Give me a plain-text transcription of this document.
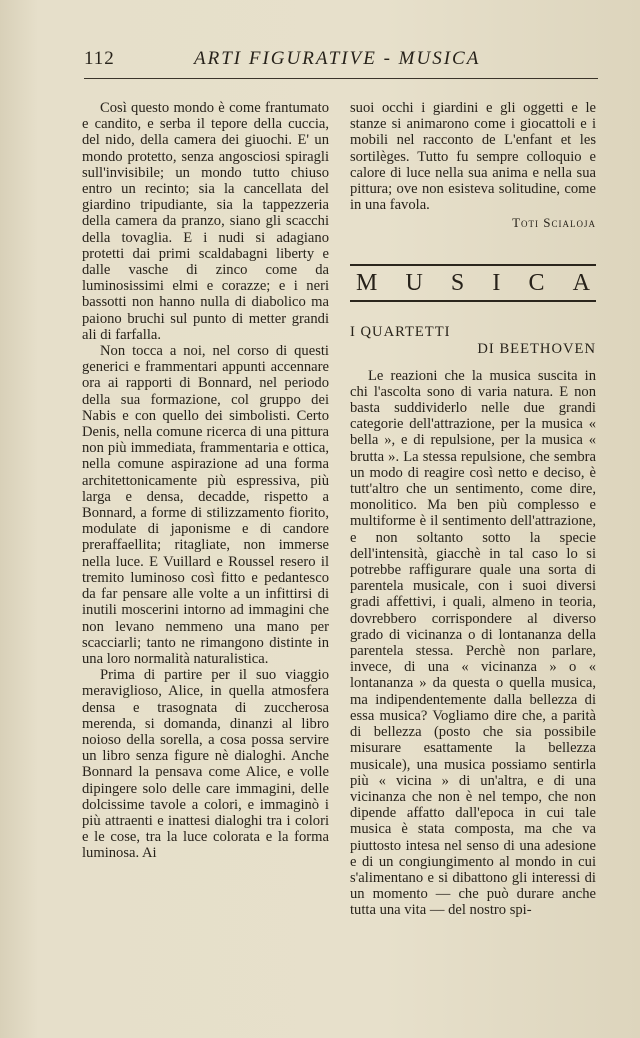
112	ARTI FIGURATIVE - MUSICA

Così questo mondo è come frantumato e candito, e serba il tepore della cuccia, del nido, della camera dei giuochi. E' un mondo protetto, senza angosciosi spiragli sull'invisibile; un mondo tutto chiuso entro un recinto; sia la cancellata del giardino tripudiante, sia la tappezzeria della camera da pranzo, siano gli scacchi della tovaglia. E i nudi si adagiano protetti dai primi scaldabagni liberty e dalle vasche di zinco come da luminosissimi elmi e corazze; e i neri bassotti non hanno nulla di diabolico ma paiono bruchi sul punto di metter grandi ali di farfalla.

Non tocca a noi, nel corso di questi generici e frammentari appunti accennare ora ai rapporti di Bonnard, nel periodo della sua formazione, col gruppo dei Nabis e con quello dei simbolisti. Certo Denis, nella comune ricerca di una pittura non più immediata, frammentaria e ottica, nella comune aspirazione ad una forma architettonicamente più espressiva, più larga e densa, decadde, rispetto a Bonnard, a forme di stilizzamento fiorito, modulate di japonisme e di candore preraffaellita; ritagliate, non immerse nella luce. E Vuillard e Roussel resero il tremito luminoso così fitto e pedantesco da far pensare alle volte a un infittirsi di inutili moscerini intorno ad immagini che non levano nemmeno una mano per scacciarli; tanto ne rimangono distinte in una loro normalità naturalistica.

Prima di partire per il suo viaggio meraviglioso, Alice, in quella atmosfera densa e trasognata di zuccherosa merenda, si domanda, dinanzi al libro noioso della sorella, a cosa possa servire un libro senza figure nè dialoghi. Anche Bonnard la pensava come Alice, e volle dipingere solo delle care immagini, delle dolcissime tavole a colori, e immaginò i più attraenti e inattesi dialoghi tra i colori e le cose, tra la luce colorata e la forma luminosa. Ai

suoi occhi i giardini e gli oggetti e le stanze si animarono come i giocattoli e i mobili nel racconto de L'enfant et les sortilèges. Tutto fu sempre colloquio e calore di luce nella sua anima e nella sua pittura; ove non esisteva solitudine, come in una favola.

Toti Scialoja
M U S I C A
I QUARTETTI
DI BEETHOVEN

Le reazioni che la musica suscita in chi l'ascolta sono di varia natura. E non basta suddividerlo nelle due grandi categorie dell'attrazione, per la musica « bella », e di repulsione, per la musica « brutta ». La stessa repulsione, che sembra un modo di reagire così netto e deciso, è tutt'altro che un sentimento, come dire, monolitico. Ma ben più complesso e multiforme è il sentimento dell'attrazione, e non soltanto sotto la specie dell'intensità, giacchè in tal caso lo si potrebbe raffigurare quale una sorta di parentela musicale, con i suoi diversi gradi affettivi, i quali, almeno in teoria, dovrebbero corrispondere al diverso grado di vicinanza o di lontananza della parentela stessa. Perchè non parlare, invece, di una « vicinanza » o « lontananza » da questa o quella musica, ma indipendentemente dalla bellezza di essa musica? Vogliamo dire che, a parità di bellezza (posto che sia possibile misurare esattamente la bellezza musicale), una musica possiamo sentirla più « vicina » di un'altra, e di una vicinanza che non è nel tempo, che non dipende affatto dall'epoca in cui tale musica è stata composta, ma che va piuttosto intesa nel senso di una adesione e di un congiungimento al mondo in cui s'alimentano e si dibattono gli interessi di un momento — che può durare anche tutta una vita — del nostro spi-
